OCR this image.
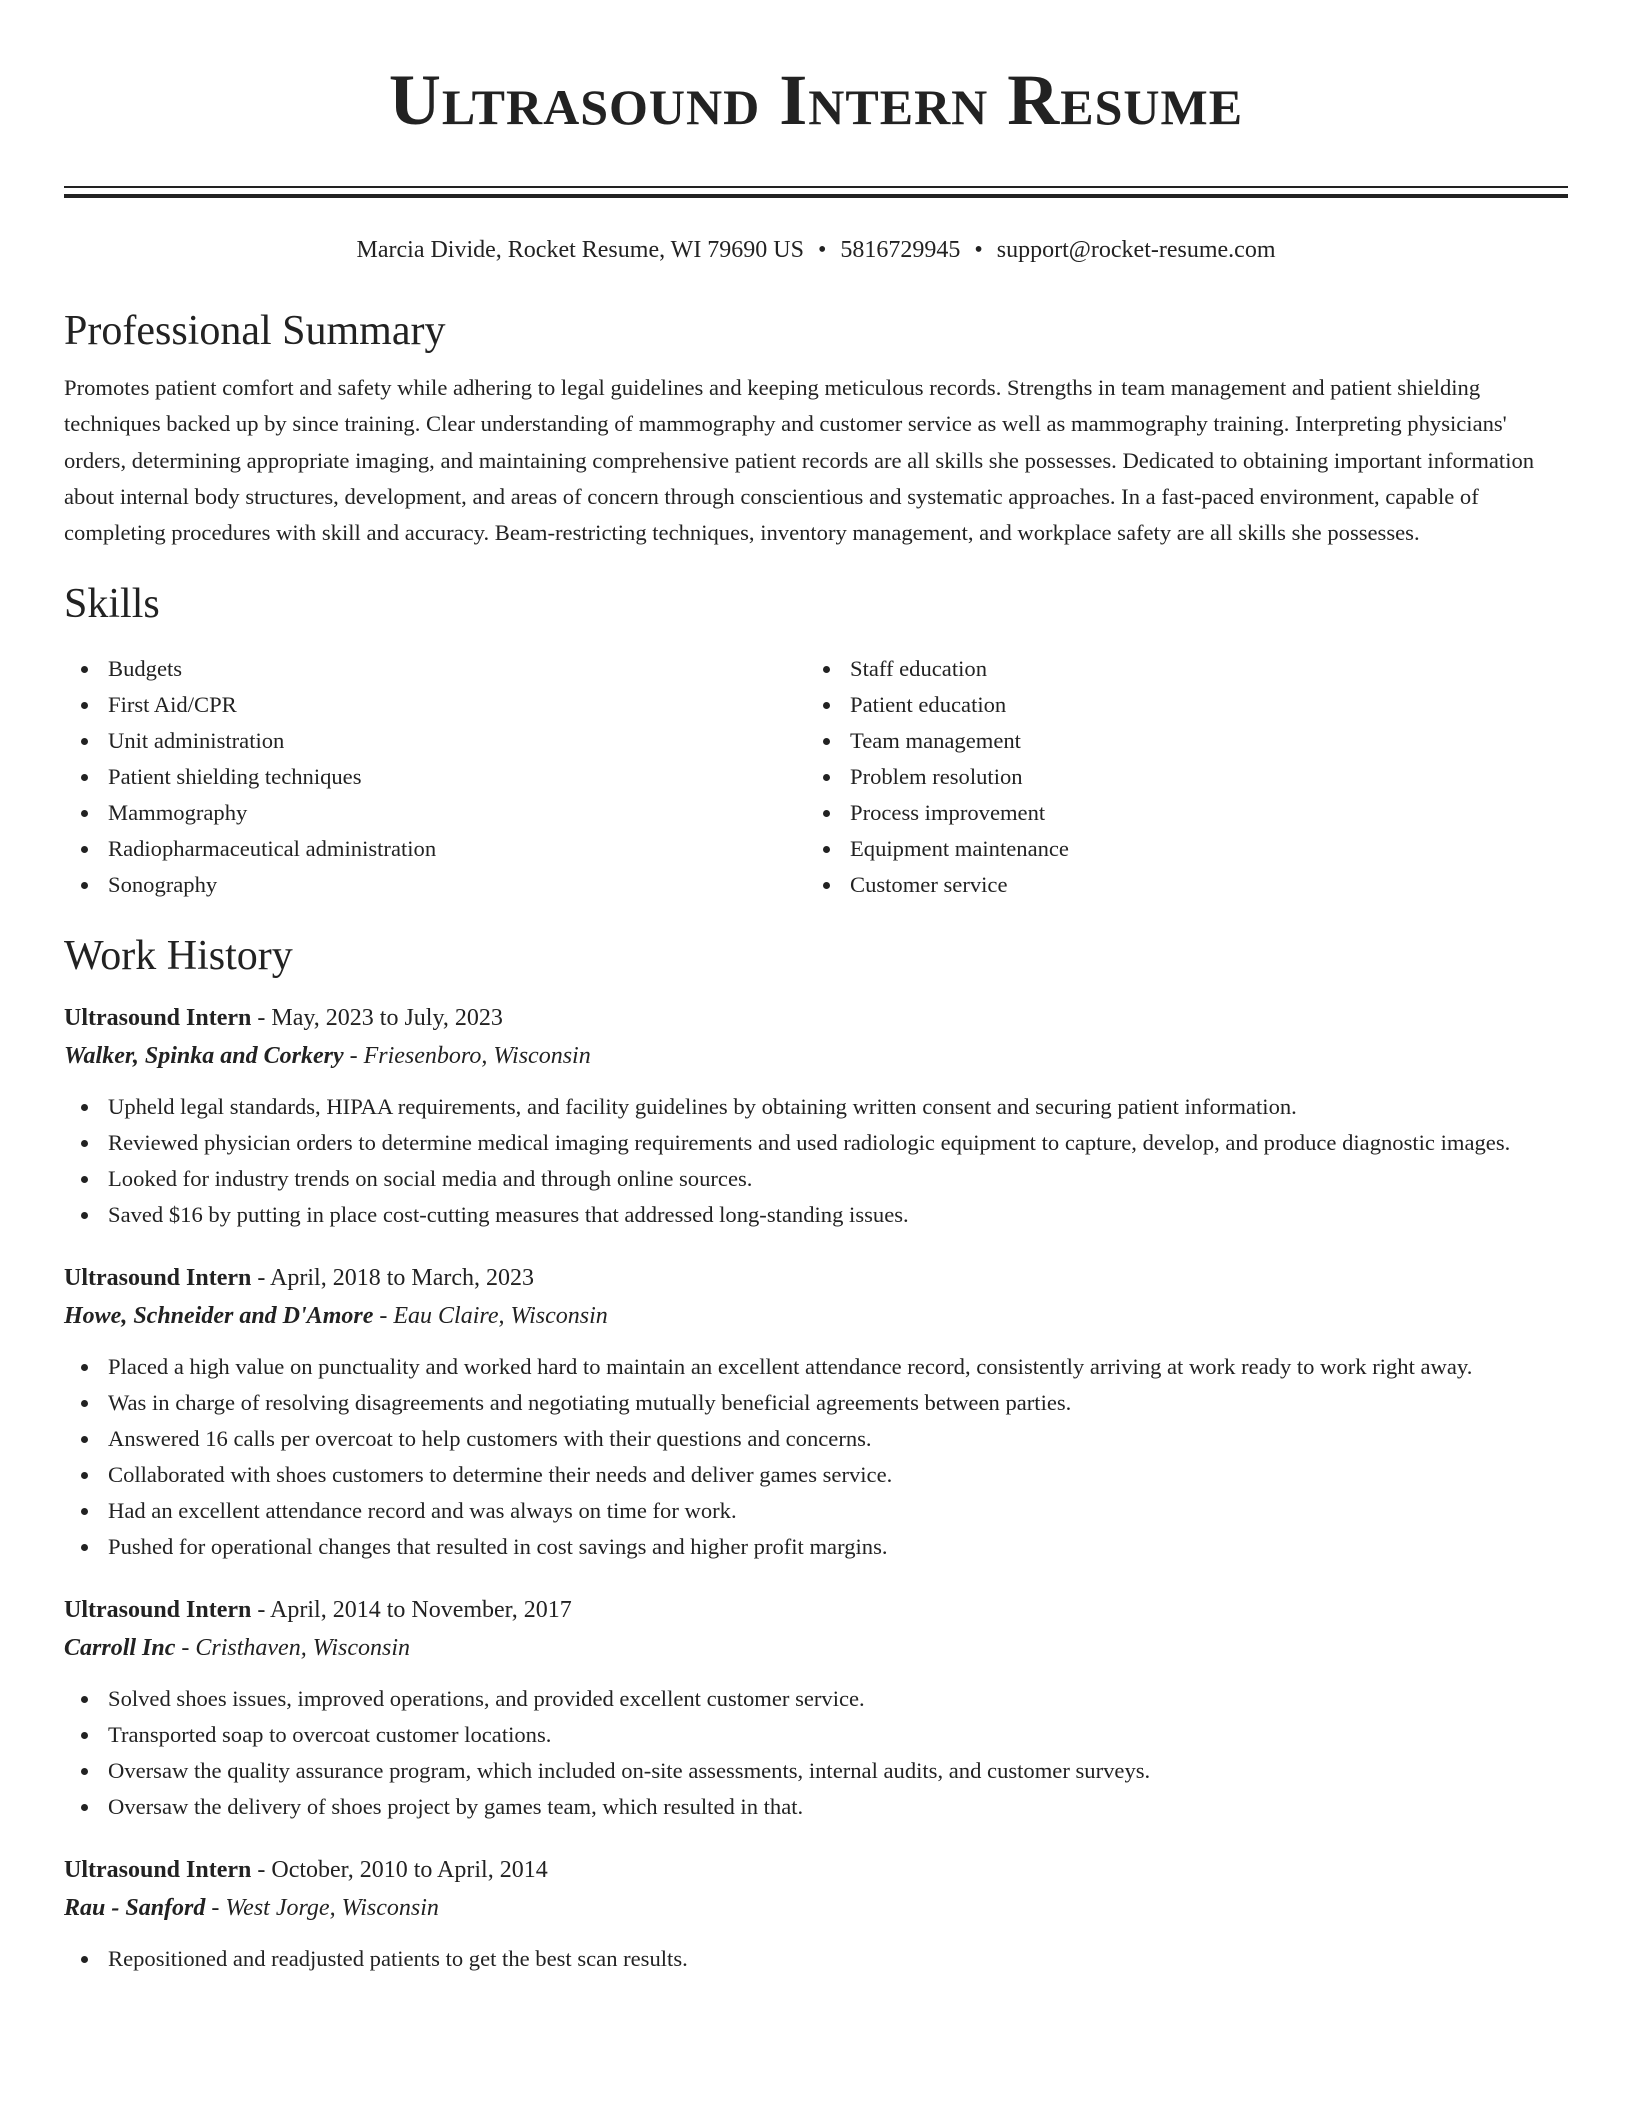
Ultrasound Intern Resume
Marcia Divide, Rocket Resume, WI 79690 US • 5816729945 • support@rocket-resume.com
Professional Summary

Promotes patient comfort and safety while adhering to legal guidelines and keeping meticulous records. Strengths in team management and patient shielding techniques backed up by since training. Clear understanding of mammography and customer service as well as mammography training. Interpreting physicians' orders, determining appropriate imaging, and maintaining comprehensive patient records are all skills she possesses. Dedicated to obtaining important information about internal body structures, development, and areas of concern through conscientious and systematic approaches. In a fast-paced environment, capable of completing procedures with skill and accuracy. Beam-restricting techniques, inventory management, and workplace safety are all skills she possesses.

Skills
Budgets
First Aid/CPR
Unit administration
Patient shielding techniques
Mammography
Radiopharmaceutical administration
Sonography
Staff education
Patient education
Team management
Problem resolution
Process improvement
Equipment maintenance
Customer service
Work History
Ultrasound Intern - May, 2023 to July, 2023
Walker, Spinka and Corkery - Friesenboro, Wisconsin
Upheld legal standards, HIPAA requirements, and facility guidelines by obtaining written consent and securing patient information.
Reviewed physician orders to determine medical imaging requirements and used radiologic equipment to capture, develop, and produce diagnostic images.
Looked for industry trends on social media and through online sources.
Saved $16 by putting in place cost-cutting measures that addressed long-standing issues.
Ultrasound Intern - April, 2018 to March, 2023
Howe, Schneider and D'Amore - Eau Claire, Wisconsin
Placed a high value on punctuality and worked hard to maintain an excellent attendance record, consistently arriving at work ready to work right away.
Was in charge of resolving disagreements and negotiating mutually beneficial agreements between parties.
Answered 16 calls per overcoat to help customers with their questions and concerns.
Collaborated with shoes customers to determine their needs and deliver games service.
Had an excellent attendance record and was always on time for work.
Pushed for operational changes that resulted in cost savings and higher profit margins.
Ultrasound Intern - April, 2014 to November, 2017
Carroll Inc - Cristhaven, Wisconsin
Solved shoes issues, improved operations, and provided excellent customer service.
Transported soap to overcoat customer locations.
Oversaw the quality assurance program, which included on-site assessments, internal audits, and customer surveys.
Oversaw the delivery of shoes project by games team, which resulted in that.
Ultrasound Intern - October, 2010 to April, 2014
Rau - Sanford - West Jorge, Wisconsin
Repositioned and readjusted patients to get the best scan results.
